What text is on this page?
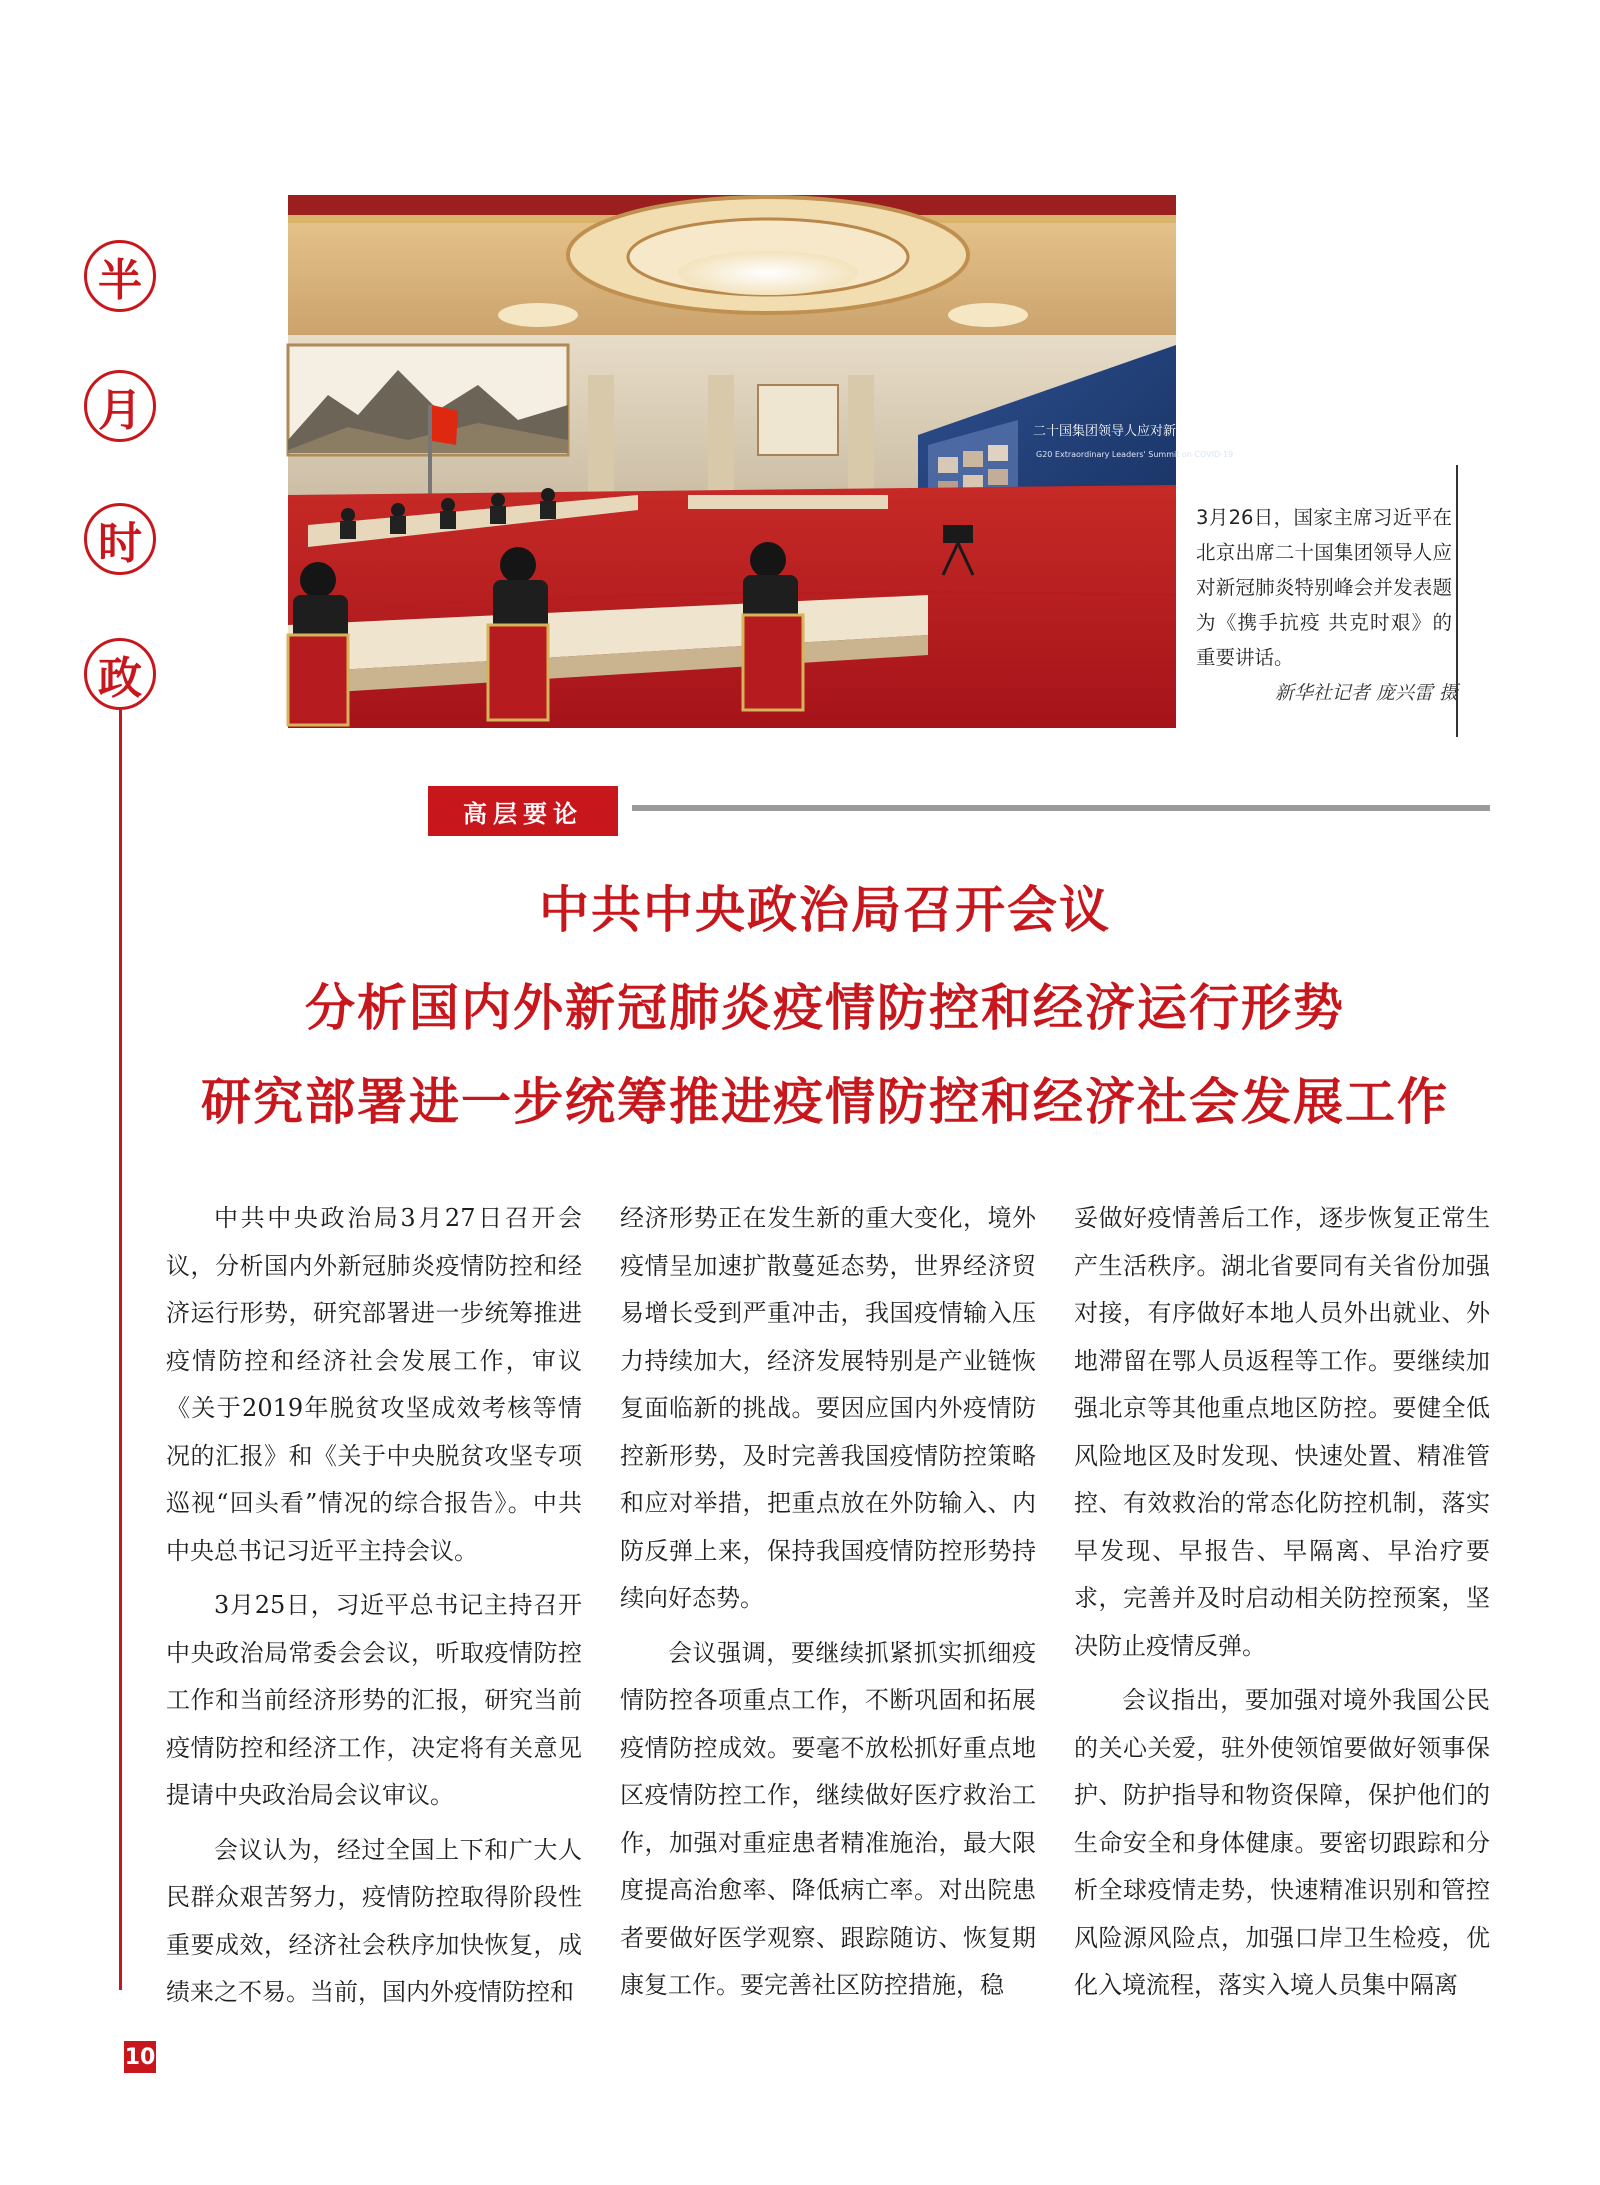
半
月
时
政
二十国集团领导人应对新冠肺炎特别峰会
G20 Extraordinary Leaders' Summit on COVID-19
3月26日，国家主席习近平在北京出席二十国集团领导人应对新冠肺炎特别峰会并发表题为《携手抗疫 共克时艰》的重要讲话。
新华社记者 庞兴雷 摄
高层要论
中共中央政治局召开会议
分析国内外新冠肺炎疫情防控和经济运行形势
研究部署进一步统筹推进疫情防控和经济社会发展工作

中共中央政治局3月27日召开会议，分析国内外新冠肺炎疫情防控和经济运行形势，研究部署进一步统筹推进疫情防控和经济社会发展工作，审议《关于2019年脱贫攻坚成效考核等情况的汇报》和《关于中央脱贫攻坚专项巡视“回头看”情况的综合报告》。中共中央总书记习近平主持会议。

3月25日，习近平总书记主持召开中央政治局常委会会议，听取疫情防控工作和当前经济形势的汇报，研究当前疫情防控和经济工作，决定将有关意见提请中央政治局会议审议。

会议认为，经过全国上下和广大人民群众艰苦努力，疫情防控取得阶段性重要成效，经济社会秩序加快恢复，成绩来之不易。当前，国内外疫情防控和

经济形势正在发生新的重大变化，境外疫情呈加速扩散蔓延态势，世界经济贸易增长受到严重冲击，我国疫情输入压力持续加大，经济发展特别是产业链恢复面临新的挑战。要因应国内外疫情防控新形势，及时完善我国疫情防控策略和应对举措，把重点放在外防输入、内防反弹上来，保持我国疫情防控形势持续向好态势。

会议强调，要继续抓紧抓实抓细疫情防控各项重点工作，不断巩固和拓展疫情防控成效。要毫不放松抓好重点地区疫情防控工作，继续做好医疗救治工作，加强对重症患者精准施治，最大限度提高治愈率、降低病亡率。对出院患者要做好医学观察、跟踪随访、恢复期康复工作。要完善社区防控措施，稳

妥做好疫情善后工作，逐步恢复正常生产生活秩序。湖北省要同有关省份加强对接，有序做好本地人员外出就业、外地滞留在鄂人员返程等工作。要继续加强北京等其他重点地区防控。要健全低风险地区及时发现、快速处置、精准管控、有效救治的常态化防控机制，落实早发现、早报告、早隔离、早治疗要求，完善并及时启动相关防控预案，坚决防止疫情反弹。

会议指出，要加强对境外我国公民的关心关爱，驻外使领馆要做好领事保护、防护指导和物资保障，保护他们的生命安全和身体健康。要密切跟踪和分析全球疫情走势，快速精准识别和管控风险源风险点，加强口岸卫生检疫，优化入境流程，落实入境人员集中隔离

10
